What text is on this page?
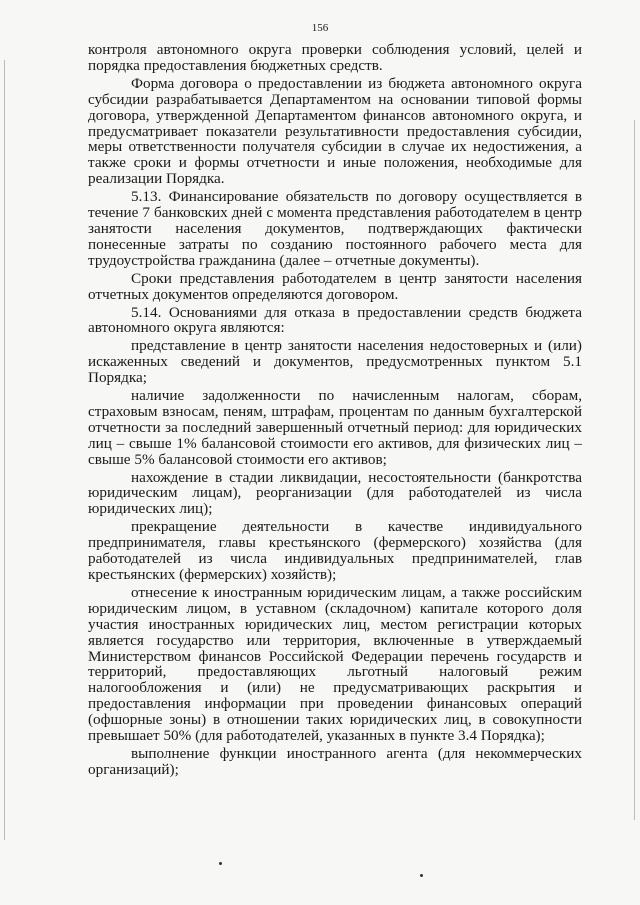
156

контроля автономного округа проверки соблюдения условий, целей и порядка предоставления бюджетных средств.

Форма договора о предоставлении из бюджета автономного округа субсидии разрабатывается Департаментом на основании типовой формы договора, утвержденной Департаментом финансов автономного округа, и предусматривает показатели результативности предоставления субсидии, меры ответственности получателя субсидии в случае их недостижения, а также сроки и формы отчетности и иные положения, необходимые для реализации Порядка.

5.13. Финансирование обязательств по договору осуществляется в течение 7 банковских дней с момента представления работодателем в центр занятости населения документов, подтверждающих фактически понесенные затраты по созданию постоянного рабочего места для трудоустройства гражданина (далее – отчетные документы).

Сроки представления работодателем в центр занятости населения отчетных документов определяются договором.

5.14. Основаниями для отказа в предоставлении средств бюджета автономного округа являются:

представление в центр занятости населения недостоверных и (или) искаженных сведений и документов, предусмотренных пунктом 5.1 Порядка;

наличие задолженности по начисленным налогам, сборам, страховым взносам, пеням, штрафам, процентам по данным бухгалтерской отчетности за последний завершенный отчетный период: для юридических лиц – свыше 1% балансовой стоимости его активов, для физических лиц – свыше 5% балансовой стоимости его активов;

нахождение в стадии ликвидации, несостоятельности (банкротства юридическим лицам), реорганизации (для работодателей из числа юридических лиц);

прекращение деятельности в качестве индивидуального предпринимателя, главы крестьянского (фермерского) хозяйства (для работодателей из числа индивидуальных предпринимателей, глав крестьянских (фермерских) хозяйств);

отнесение к иностранным юридическим лицам, а также российским юридическим лицом, в уставном (складочном) капитале которого доля участия иностранных юридических лиц, местом регистрации которых является государство или территория, включенные в утверждаемый Министерством финансов Российской Федерации перечень государств и территорий, предоставляющих льготный налоговый режим налогообложения и (или) не предусматривающих раскрытия и предоставления информации при проведении финансовых операций (офшорные зоны) в отношении таких юридических лиц, в совокупности превышает 50% (для работодателей, указанных в пункте 3.4 Порядка);

выполнение функции иностранного агента (для некоммерческих организаций);
